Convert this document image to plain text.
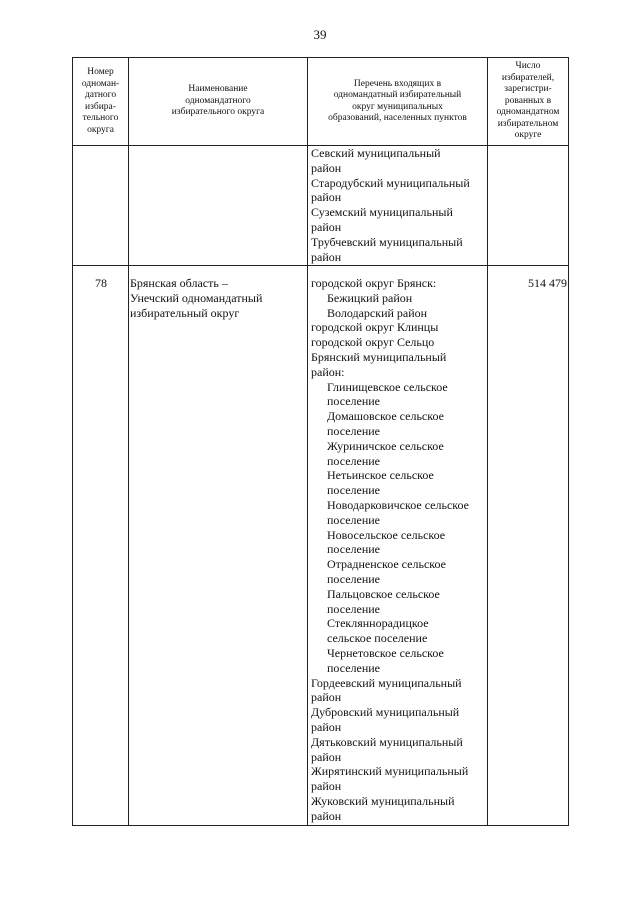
39
Номер
одноман-
датного
избира-
тельного
округа
Наименование
одномандатного
избирательного округа
Перечень входящих в
одномандатный избирательный
округ муниципальных
образований, населенных пунктов
Число
избирателей,
зарегистри-
рованных в
одномандатном
избирательном
округе
Севский муниципальный
район
Стародубский муниципальный
район
Суземский муниципальный
район
Трубчевский муниципальный
район
78	Брянская область –
Унечский одномандатный
избирательный округ
514 479
городской округ Брянск:
Бежицкий район
Володарский район
городской округ Клинцы
городской округ Сельцо
Брянский муниципальный
район:
Глинищевское сельское
поселение
Домашовское сельское
поселение
Журиничское сельское
поселение
Нетьинское сельское
поселение
Новодарковичское сельское
поселение
Новосельское сельское
поселение
Отрадненское сельское
поселение
Пальцовское сельское
поселение
Стекляннорадицкое
сельское поселение
Чернетовское сельское
поселение
Гордеевский муниципальный
район
Дубровский муниципальный
район
Дятьковский муниципальный
район
Жирятинский муниципальный
район
Жуковский муниципальный
район
